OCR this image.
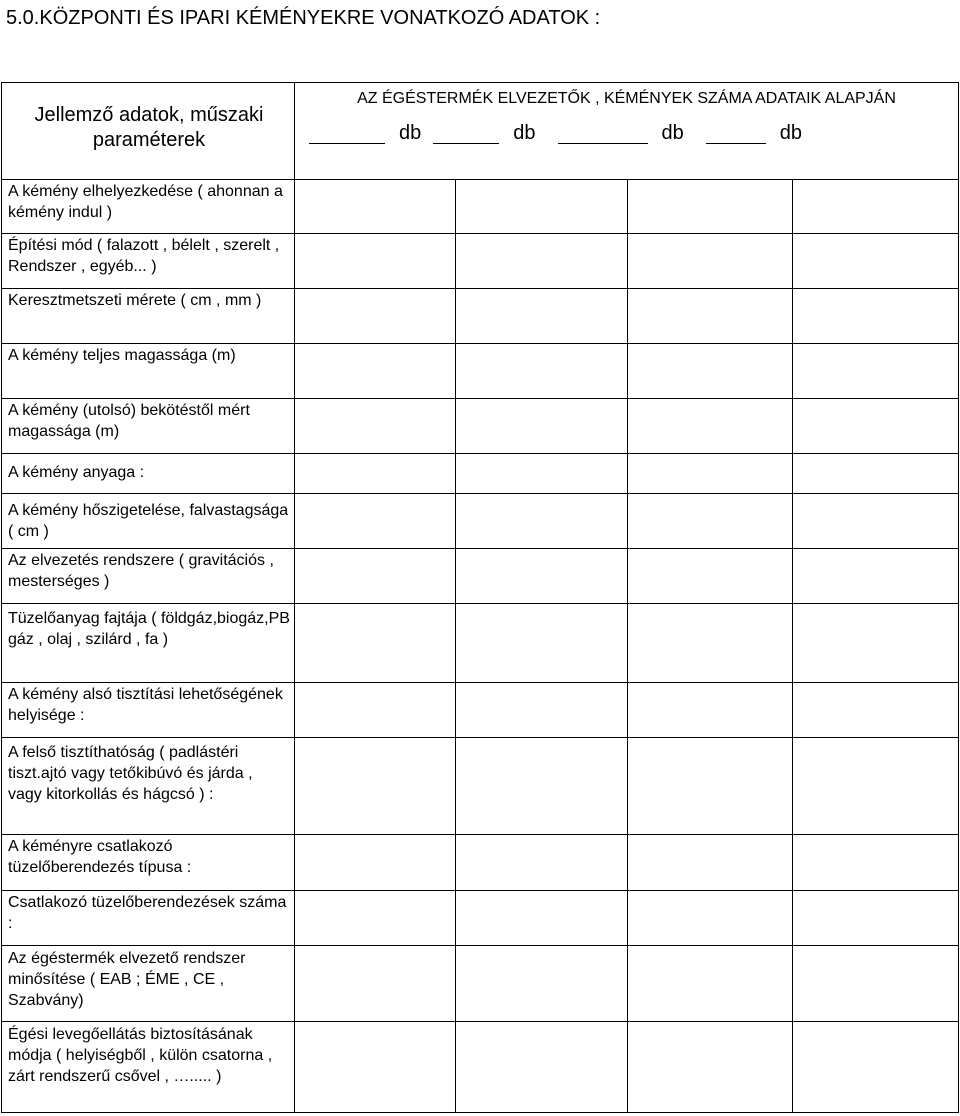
5.0.KÖZPONTI ÉS IPARI KÉMÉNYEKRE VONATKOZÓ ADATOK :
Jellemző adatok, műszaki paraméterek	AZ ÉGÉSTERMÉK ELVEZETŐK , KÉMÉNYEK SZÁMA ADATAIK ALAPJÁN
db db db db			

A kémény elhelyezkedése ( ahonnan a kémény indul )				

Építési mód ( falazott , bélelt , szerelt , Rendszer , egyéb... )				

Keresztmetszeti mérete ( cm , mm )				

A kémény teljes magassága (m)				

A kémény (utolsó) bekötéstől mért magassága (m)				

A kémény anyaga :				

A kémény hőszigetelése, falvastagsága ( cm )				

Az elvezetés rendszere ( gravitációs , mesterséges )				

Tüzelőanyag fajtája ( földgáz,biogáz,PB gáz , olaj , szilárd , fa )				

A kémény alsó tisztítási lehetőségének helyisége :				

A felső tisztíthatóság ( padlástéri tiszt.ajtó vagy tetőkibúvó és járda , vagy kitorkollás és hágcsó ) :				

A kéményre csatlakozó tüzelőberendezés típusa :				

Csatlakozó tüzelőberendezések száma :				

Az égéstermék elvezető rendszer minősítése ( EAB ; ÉME , CE , Szabvány)				

Égési levegőellátás biztosításának módja ( helyiségből , külön csatorna , zárt rendszerű csővel , …..... )				
